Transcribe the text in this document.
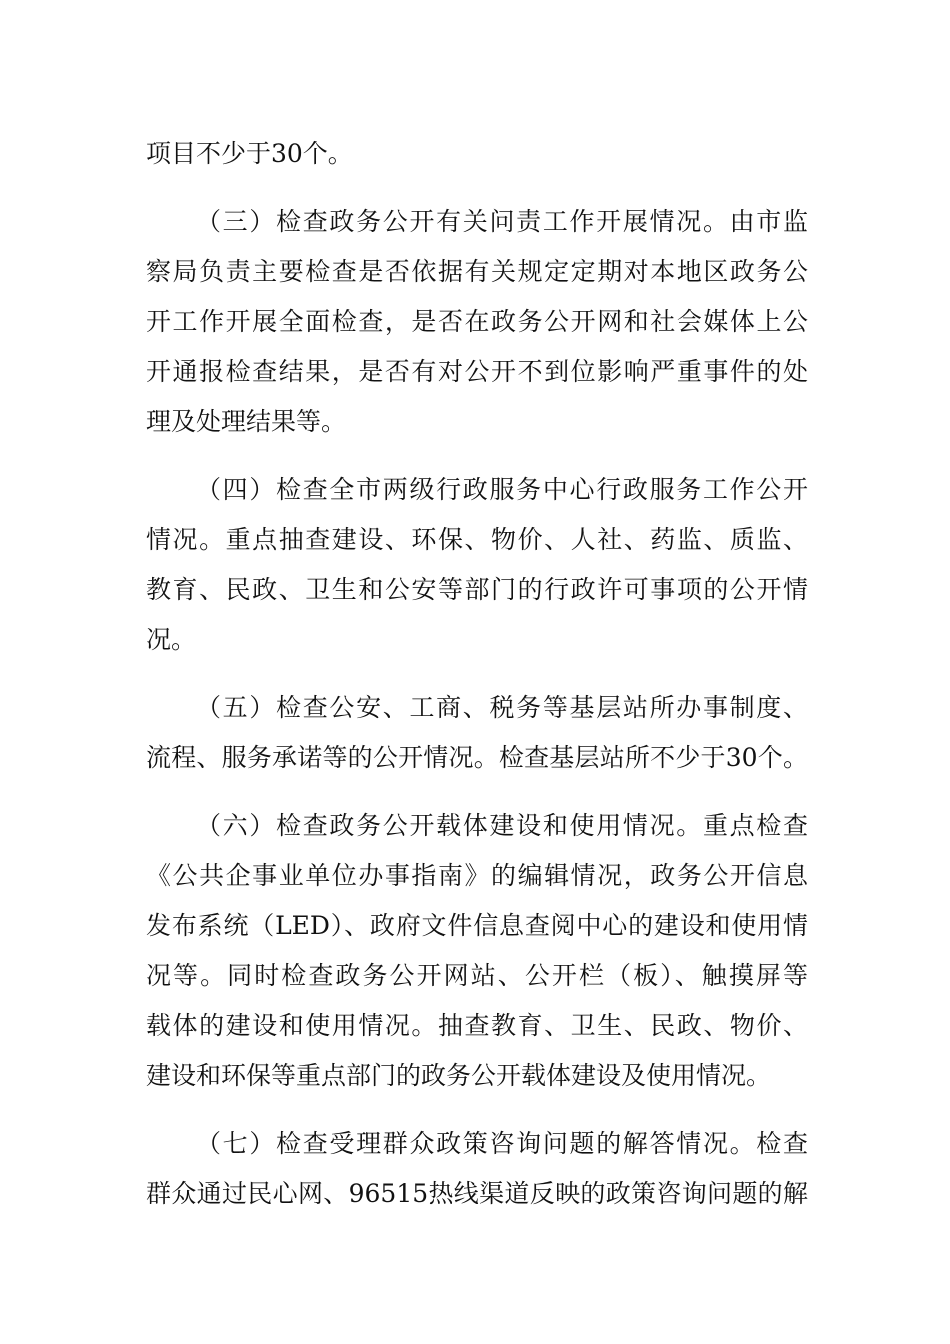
项目不少于30个。
（三）检查政务公开有关问责工作开展情况。由市监
察局负责主要检查是否依据有关规定定期对本地区政务公
开工作开展全面检查，是否在政务公开网和社会媒体上公
开通报检查结果，是否有对公开不到位影响严重事件的处
理及处理结果等。
（四）检查全市两级行政服务中心行政服务工作公开
情况。重点抽查建设、环保、物价、人社、药监、质监、
教育、民政、卫生和公安等部门的行政许可事项的公开情
况。
（五）检查公安、工商、税务等基层站所办事制度、
流程、服务承诺等的公开情况。检查基层站所不少于30个。
（六）检查政务公开载体建设和使用情况。重点检查
《公共企事业单位办事指南》的编辑情况，政务公开信息
发布系统（LED）、政府文件信息查阅中心的建设和使用情
况等。同时检查政务公开网站、公开栏（板）、触摸屏等
载体的建设和使用情况。抽查教育、卫生、民政、物价、
建设和环保等重点部门的政务公开载体建设及使用情况。
（七）检查受理群众政策咨询问题的解答情况。检查
群众通过民心网、96515热线渠道反映的政策咨询问题的解
